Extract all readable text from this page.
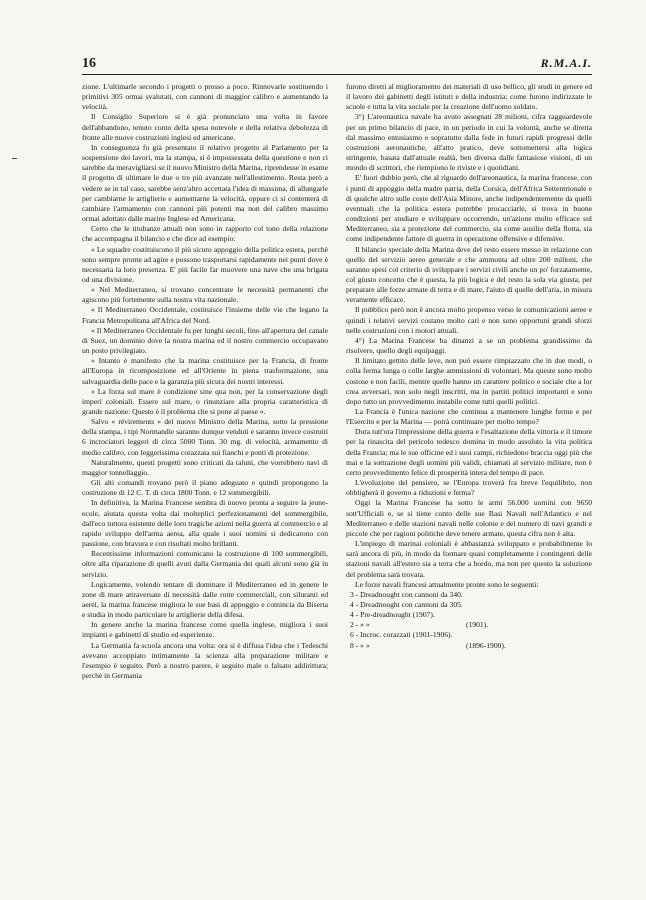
16	R.M.A.I.

zione. L'ultimarle secondo i progetti o presso a poco. Rinnovarle sostituendo i primitivi 305 ormai svalutati, con cannoni di maggior calibro e aumentando la velocità.

Il Consiglio Superiore si è già pronunciato una volta in favore dell'abbandono, tenuto conto della spesa notevole e della relativa debolezza di fronte alle nuove costruzioni inglesi ed americane.

In conseguenza fu già presentato il relativo progetto al Parlamento per la sospensione dei lavori, ma la stampa, si è impossessata della questione e non ci sarebbe da meravigliarsi se il nuovo Ministro della Marina, riprendesse in esame il progetto di ultimare le due o tre più avanzate nell'allestimento. Resta però a vedere se in tal caso, sarebbe senz'altro accettata l'idea di massima, di allungarle per cambiarne le artiglierie e aumentarne la velocità, oppure ci si contenterà di cambiare l'armamento con cannoni più potenti ma non del calibro massimo ormai adottato dalle marine Inglese ed Americana.

Certo che le titubanze attuali non sono in rapporto col tono della relazione che accompagna il bilancio e che dice ad esempio:

« Le squadre costituiscono il più sicuro appoggio della politica estera, perchè sono sempre pronte ad agire e possono trasportarsi rapidamente nei punti dove è necessaria la loro presenza. E' più facile far muovere una nave che una brigata od una divisione.

« Nel Mediterraneo, si trovano concentrate le necessità permanenti che agiscono più fortemente sulla nostra vita nazionale.

« Il Mediterraneo Occidentale, costituisce l'insieme delle vie che legano la Francia Metropolitana all'Africa del Nord.

« Il Mediterraneo Occidentale fu per lunghi secoli, fino all'apertura del canale di Suez, un dominio dove la nostra marina ed il nostro commercio occupavano un posto privilegiato.

« Intanto è manifesto che la marina costituisce per la Francia, di fronte all'Europa in ricomposizione ed all'Oriente in piena trasformazione, una salvaguardia delle pace e la garanzia più sicura dei nostri interessi.

« La forza sul mare è condizione sine qua non, per la conservazione degli imperi coloniali. Essere sul mare, o rinunziare alla propria caratteristica di grande nazione: Questo è il problema che si pone al paese ».

Salvo « révirements » del nuovo Ministro della Marina, sotto la pressione della stampa, i tipi Normandie saranno dunque venduti e saranno invece costruiti 6 incrociatori leggeri di circa 5000 Tonn. 30 mg. di velocità, armamento di medio calibro, con leggerissima corazzata sui fianchi e ponti di protezione.

Naturalmente, questi progetti sono criticati da taluni, che vorrebbero navi di maggior tonnellaggio.

Gli alti comandi trovano però il piano adeguato e quindi propongono la costruzione di 12 C. T. di circa 1800 Tonn. e 12 sommergibili.

In definitiva, la Marina Francese sembra di nuovo pronta a seguire la jeune-ecole, aiutata questa volta dai molteplici perfezionamenti del sommergibile, dall'eco tuttora esistente delle loro tragiche azioni nella guerra al commercio e al rapido sviluppo dell'arma aerea, alla quale i suoi uomini si dedicarono con passione, con bravura e con risultati molto brillanti.

Recentissime informazioni comunicano la costruzione di 100 sommergibili, oltre alla riparazione di quelli avuti dalla Germania dei quali alcuni sono già in servizio.

Logicamente, volendo tentare di dominare il Mediterraneo ed in genere le zone di mare attraversate di necessità dalle rotte commerciali, con siluranti ed aerei, la marina francese migliora le sue basi di appoggio e comincia da Biserta e studia in modo particolare le artiglierie della difesa.

In genere anche la marina francese come quella inglese, migliora i suoi impianti e gabinetti di studio ed esperienze.

La Germania fa scuola ancora una volta: ora si è diffusa l'idea che i Tedeschi avevano accoppiato intimamente la scienza alla preparazione militare e l'esempio è seguito. Però a nostro parere, è seguito male o falsato addirittura; perchè in Germania

furono diretti al miglioramento dei materiali di uso bellico, gli studi in genere ed il lavoro dei gabinetti degli istituti e della industria; come furono indirizzate le scuole e tutta la vita sociale per la creazione dell'uomo soldato.

3°) L'areonautica navale ha avuto assegnati 28 milioni, cifra ragguardevole per un primo bilancio di pace, in un periodo in cui la volontà, anche se diretta dal massimo entusiasmo e sopratutto dalla fede in futuri rapidi progressi delle costruzioni aeronautiche, all'atto pratico, deve sottomettersi alla logica stringente, basata dall'attuale realtà, ben diversa dalle fantasiose visioni, di un mondo di scrittori, che riempiono le riviste e i quotidiani.

E' fuori dubbio però, che al riguardo dell'areonautica, la marina francese, con i punti di appoggio della madre patria, della Corsica, dell'Africa Settentrionale e di qualche altro sulle coste dell'Asia Minore, anche indipendentemente da quelli eventuali che la politica estera potrebbe procacciarle, si trova in buone condizioni per studiare e sviluppare occorrendo, un'azione molto efficace sul Mediterraneo, sia a protezione del commercio, sia come ausilio della flotta, sia come indipendente fattore di guerra in operazione offensive e difensive.

Il bilancio speciale della Marina deve del resto essere messo in relazione con quello del servizio aereo generale e che ammonta ad oltre 200 milioni, che saranno spesi col criterio di sviluppare i servizi civili anche un po' forzatamente, col giusto concetto che è questa, la più logica e del resto la sola via giusta, per preparare alle forze armate di terra e di mare, l'aiuto di quelle dell'aria, in misura veramente efficace.

Il pubblico però non è ancora molto propenso verso le comunicazioni aeree e quindi i relativi servizi costano molto cari e non sono opportuni grandi sforzi nelle costruzioni con i motori attuali.

4°) La Marina Francese ha dinanzi a se un problema grandissimo da risolvere, quello degli equipaggi.

Il limitato gettito delle leve, non può essere rimpiazzato che in due modi, o colla ferma lunga o colle larghe ammissioni di volontari. Ma queste sono molto costose e non facili, mentre quelle hanno un carattere politico e sociale che a lor crea avversari, non solo negli inscritti, ma in partiti politici importanti e sono dopo tutto un provvedimento instabile come tutti quelli politici.

La Francia è l'unica nazione che continua a mantenere lunghe ferme e per l'Esercito e per la Marina — potrà continuare per molto tempo?

Dura tutt'ora l'impressione della guerra e l'esaltazione della vittoria e il timore per la rinascita del pericolo tedesco domina in modo assoluto la vita politica della Francia; ma le sue officine ed i suoi campi, richiedono braccia oggi più che mai e la sottrazione degli uomini più validi, chiamati al servizio militare, non è certo provvedimento felice di prosperità intera del tempo di pace.

L'evoluzione del pensiero, se l'Europa troverà fra breve l'equilibrio, non obbligherà il governo a riduzioni e ferma?

Oggi la Marina Francese ha sotto le armi 56.000 uomini con 9650 sott'Ufficiali e, se si tiene conto delle sue Basi Navali nell'Atlantico e nel Mediterraneo e delle stazioni navali nelle colonie e del numero di navi grandi e piccole che per ragioni politiche deve tenere armate, questa cifra non è alta.

L'impiego di marinai coloniali è abbastanza sviluppato e probabilmente lo sarà ancora di più, in modo da formare quasi completamente i contingenti delle stazioni navali all'estero sia a terra che a bordo, ma non per questo la soluzione del problema sarà trovata.

Le forze navali francesi attualmente pronte sono le seguenti:

3 - Dreadnought con cannoni da 340.

4 - Dreadnought con cannoni da 305.

4 - Pre-dreadnought (1907).

2 - » »	(1901).

6 - Incroc. corazzati (1901-1906).

8 - » »	(1896-1900).
